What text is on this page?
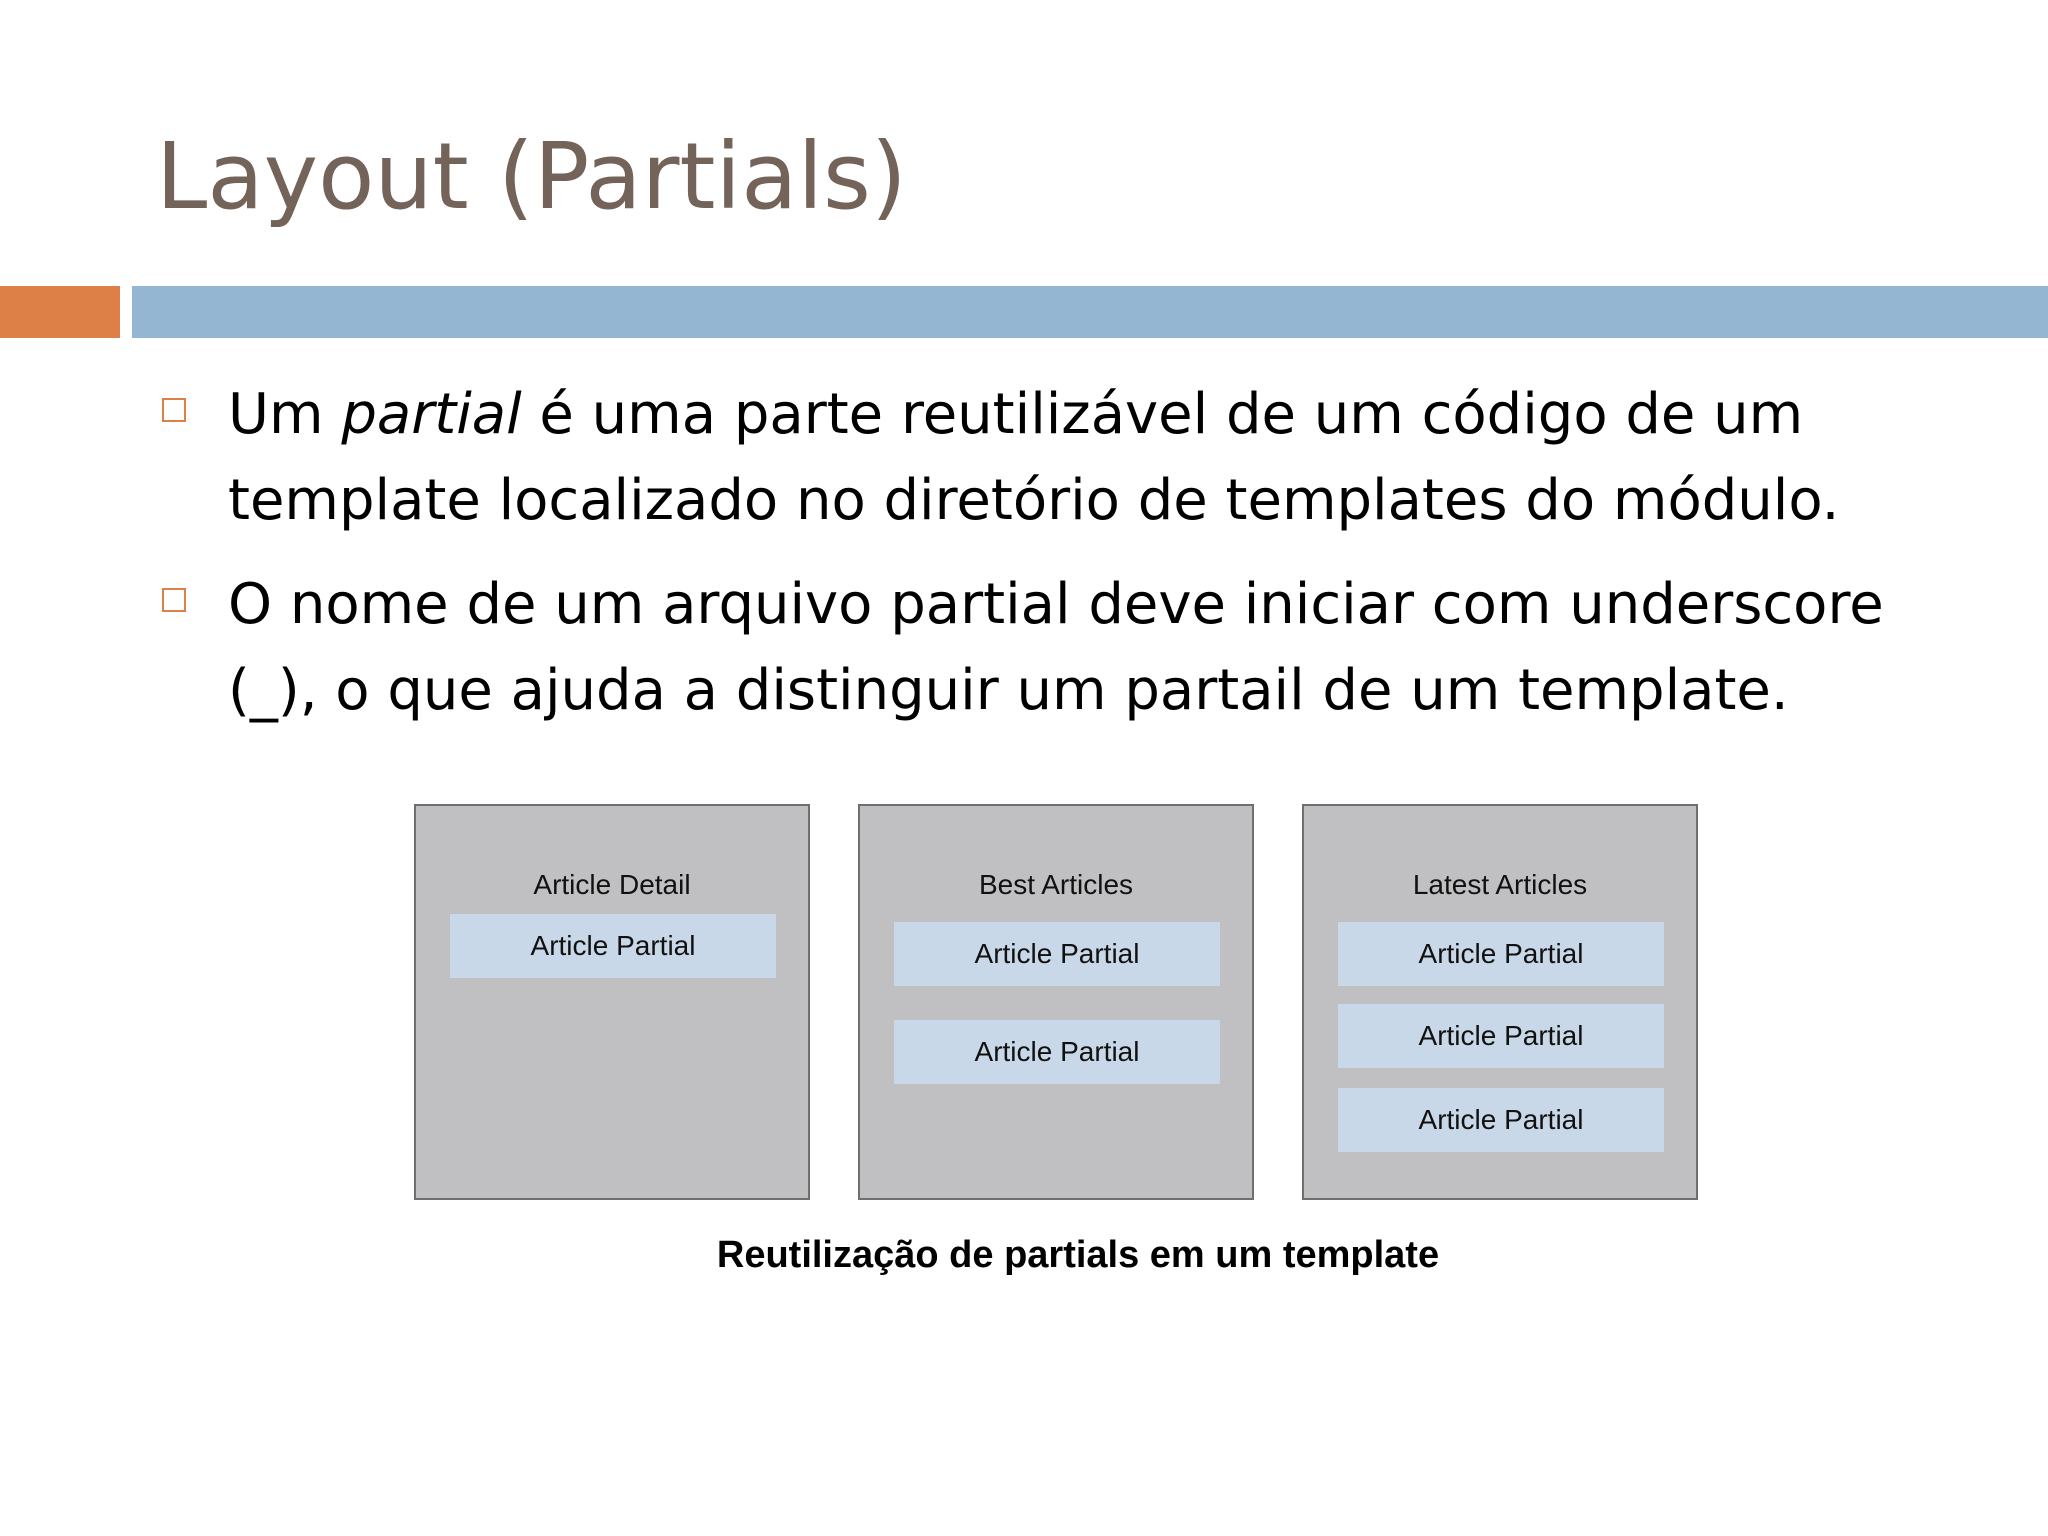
Layout (Partials)
Um partial é uma parte reutilizável de um código de um
template localizado no diretório de templates do módulo.
O nome de um arquivo partial deve iniciar com underscore
(_), o que ajuda a distinguir um partail de um template.
Article Detail
Article Partial
Best Articles
Article Partial
Article Partial
Latest Articles
Article Partial
Article Partial
Article Partial
Reutilização de partials em um template
